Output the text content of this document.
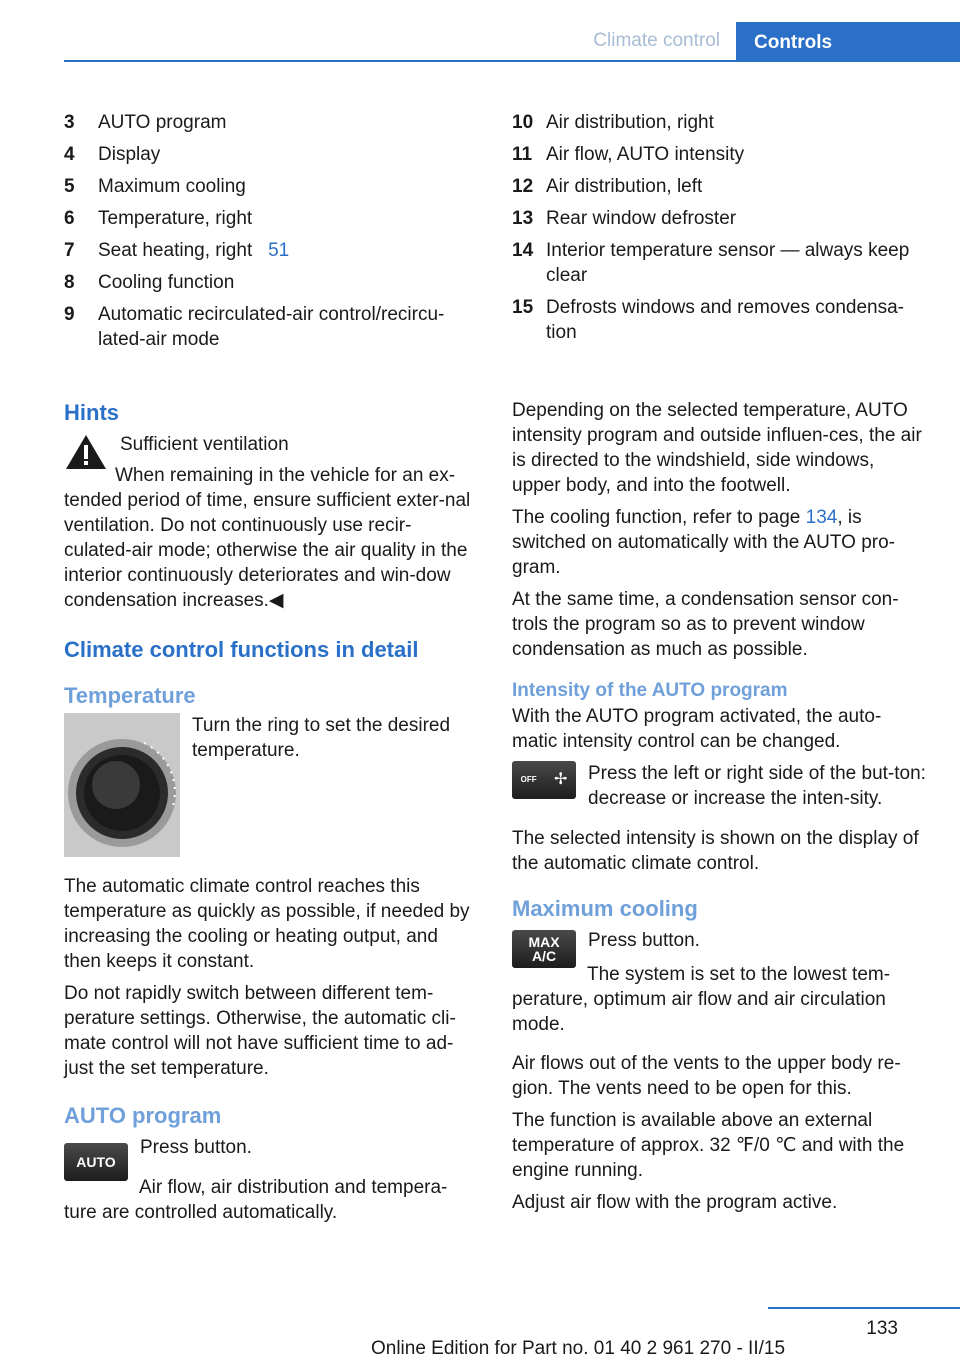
Climate control	Controls
3	AUTO program
4	Display
5	Maximum cooling
6	Temperature, right
7	Seat heating, right 51
8	Cooling function
9	Automatic recirculated-air control/recircu-lated-air mode
10 Air distribution, right
11 Air flow, AUTO intensity
12 Air distribution, left
13 Rear window defroster
14 Interior temperature sensor — always keep clear
15 Defrosts windows and removes condensa-tion
Hints

Sufficient ventilation

When remaining in the vehicle for an ex-tended period of time, ensure sufficient exter-nal ventilation. Do not continuously use recir-culated-air mode; otherwise the air quality in the interior continuously deteriorates and win-dow condensation increases.◀

Climate control functions in detail
Temperature

Turn the ring to set the desired temperature.

The automatic climate control reaches this temperature as quickly as possible, if needed by increasing the cooling or heating output, and then keeps it constant.

Do not rapidly switch between different tem-perature settings. Otherwise, the automatic cli-mate control will not have sufficient time to ad-just the set temperature.

AUTO program
AUTO

Press button.

Air flow, air distribution and tempera-ture are controlled automatically.

Depending on the selected temperature, AUTO intensity program and outside influen-ces, the air is directed to the windshield, side windows, upper body, and into the footwell.

The cooling function, refer to page 134, is switched on automatically with the AUTO pro-gram.

At the same time, a condensation sensor con-trols the program so as to prevent window condensation as much as possible.

Intensity of the AUTO program

With the AUTO program activated, the auto-matic intensity control can be changed.

OFF ✢ Press the left or right side of the but-ton: decrease or increase the inten-sity.

The selected intensity is shown on the display of the automatic climate control.

Maximum cooling
MAX
A/C

Press button.

The system is set to the lowest tem-perature, optimum air flow and air circulation mode.

Air flows out of the vents to the upper body re-gion. The vents need to be open for this.

The function is available above an external temperature of approx. 32 ℉/0 ℃ and with the engine running.

Adjust air flow with the program active.

133
Online Edition for Part no. 01 40 2 961 270 - II/15
